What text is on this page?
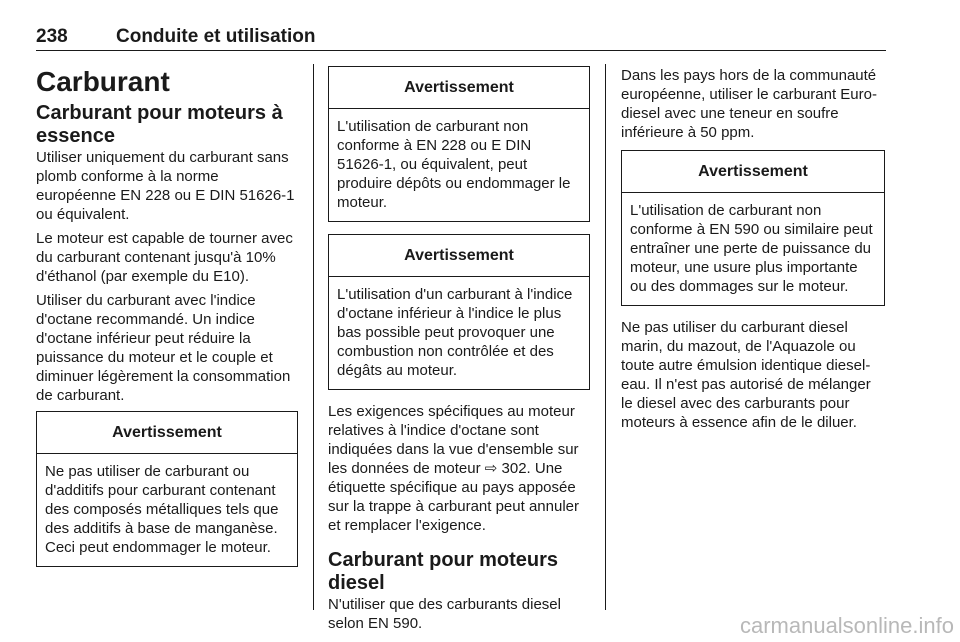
238	Conduite et utilisation
Carburant
Carburant pour moteurs à essence

Utiliser uniquement du carburant sans plomb conforme à la norme européenne EN 228 ou E DIN 51626-1 ou équivalent.

Le moteur est capable de tourner avec du carburant contenant jusqu'à 10% d'éthanol (par exemple du E10).

Utiliser du carburant avec l'indice d'octane recommandé. Un indice d'octane inférieur peut réduire la puissance du moteur et le couple et diminuer légèrement la consommation de carburant.

Avertissement
Ne pas utiliser de carburant ou d'additifs pour carburant contenant des composés métalliques tels que des additifs à base de manganèse. Ceci peut endommager le moteur.
Avertissement
L'utilisation de carburant non conforme à EN 228 ou E DIN 51626-1, ou équivalent, peut produire dépôts ou endommager le moteur.
Avertissement
L'utilisation d'un carburant à l'indice d'octane inférieur à l'indice le plus bas possible peut provoquer une combustion non contrôlée et des dégâts au moteur.

Les exigences spécifiques au moteur relatives à l'indice d'octane sont indiquées dans la vue d'ensemble sur les données de moteur ⇨ 302. Une étiquette spécifique au pays apposée sur la trappe à carburant peut annuler et remplacer l'exigence.

Carburant pour moteurs diesel

N'utiliser que des carburants diesel selon EN 590.

Dans les pays hors de la communauté européenne, utiliser le carburant Euro-diesel avec une teneur en soufre inférieure à 50 ppm.

Avertissement
L'utilisation de carburant non conforme à EN 590 ou similaire peut entraîner une perte de puissance du moteur, une usure plus importante ou des dommages sur le moteur.

Ne pas utiliser du carburant diesel marin, du mazout, de l'Aquazole ou toute autre émulsion identique diesel-eau. Il n'est pas autorisé de mélanger le diesel avec des carburants pour moteurs à essence afin de le diluer.

carmanualsonline.info
